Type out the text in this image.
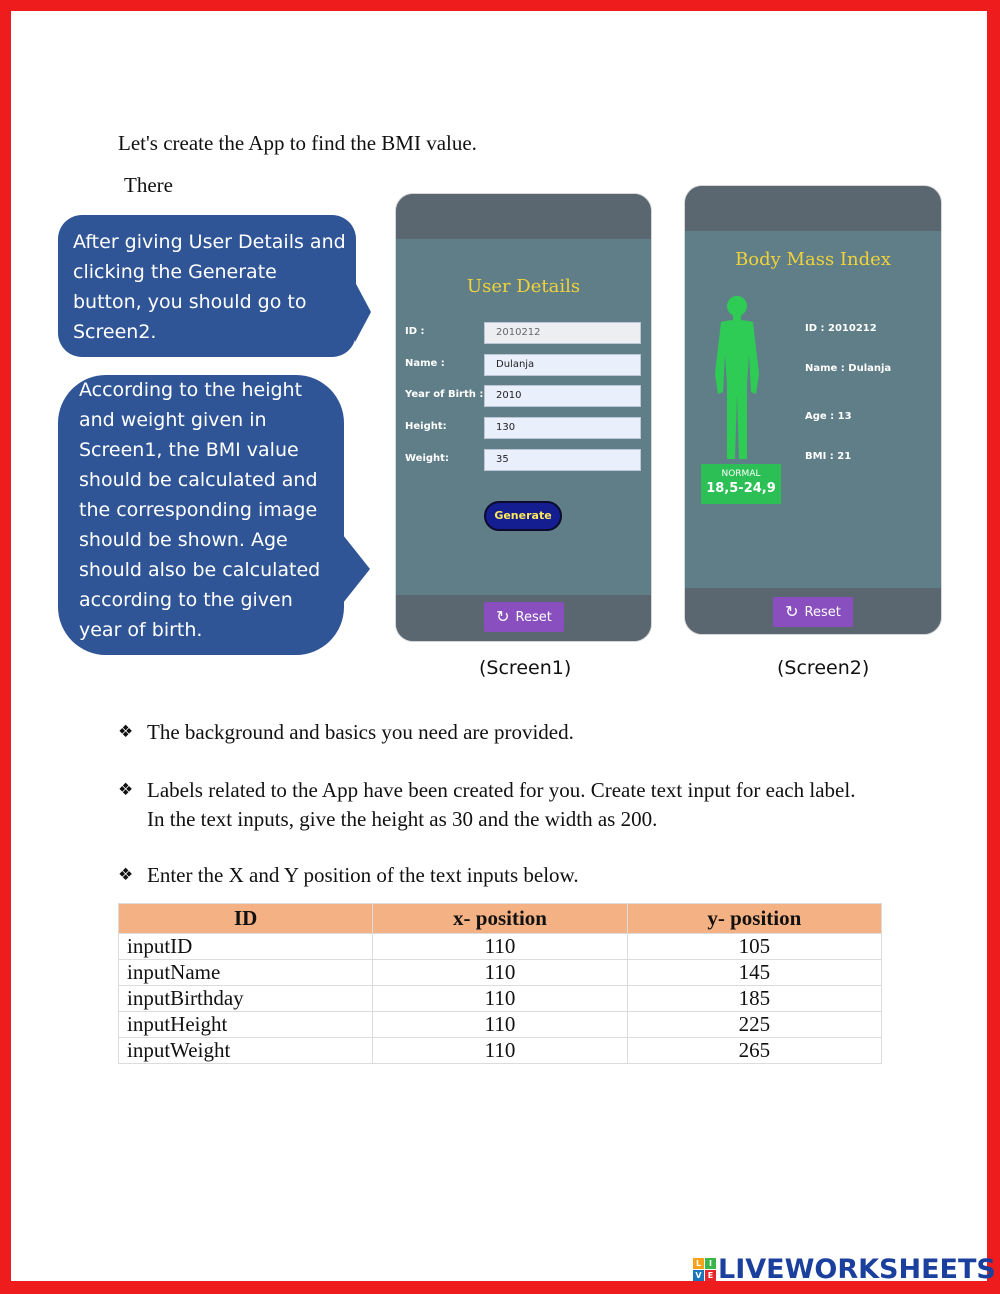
Let's create the App to find the BMI value.
There
After giving User Details and clicking the Generate button, you should go to Screen2.
According to the height and weight given in Screen1, the BMI value should be calculated and the corresponding image should be shown. Age should also be calculated according to the given year of birth.
User Details
ID :	2010212
Name :	Dulanja
Year of Birth :	2010
Height:	130
Weight:	35
Generate
↻ Reset
Body Mass Index
NORMAL
18,5-24,9
ID : 2010212
Name : Dulanja
Age : 13
BMI : 21
↻ Reset
(Screen1)	(Screen2)
❖ The background and basics you need are provided.
❖ Labels related to the App have been created for you. Create text input for each label. In the text inputs, give the height as 30 and the width as 200.
❖ Enter the X and Y position of the text inputs below.
ID	x- position	y- position
inputID	110	105
inputName	110	145
inputBirthday	110	185
inputHeight	110	225
inputWeight	110	265
L I
V E LIVEWORKSHEETS
